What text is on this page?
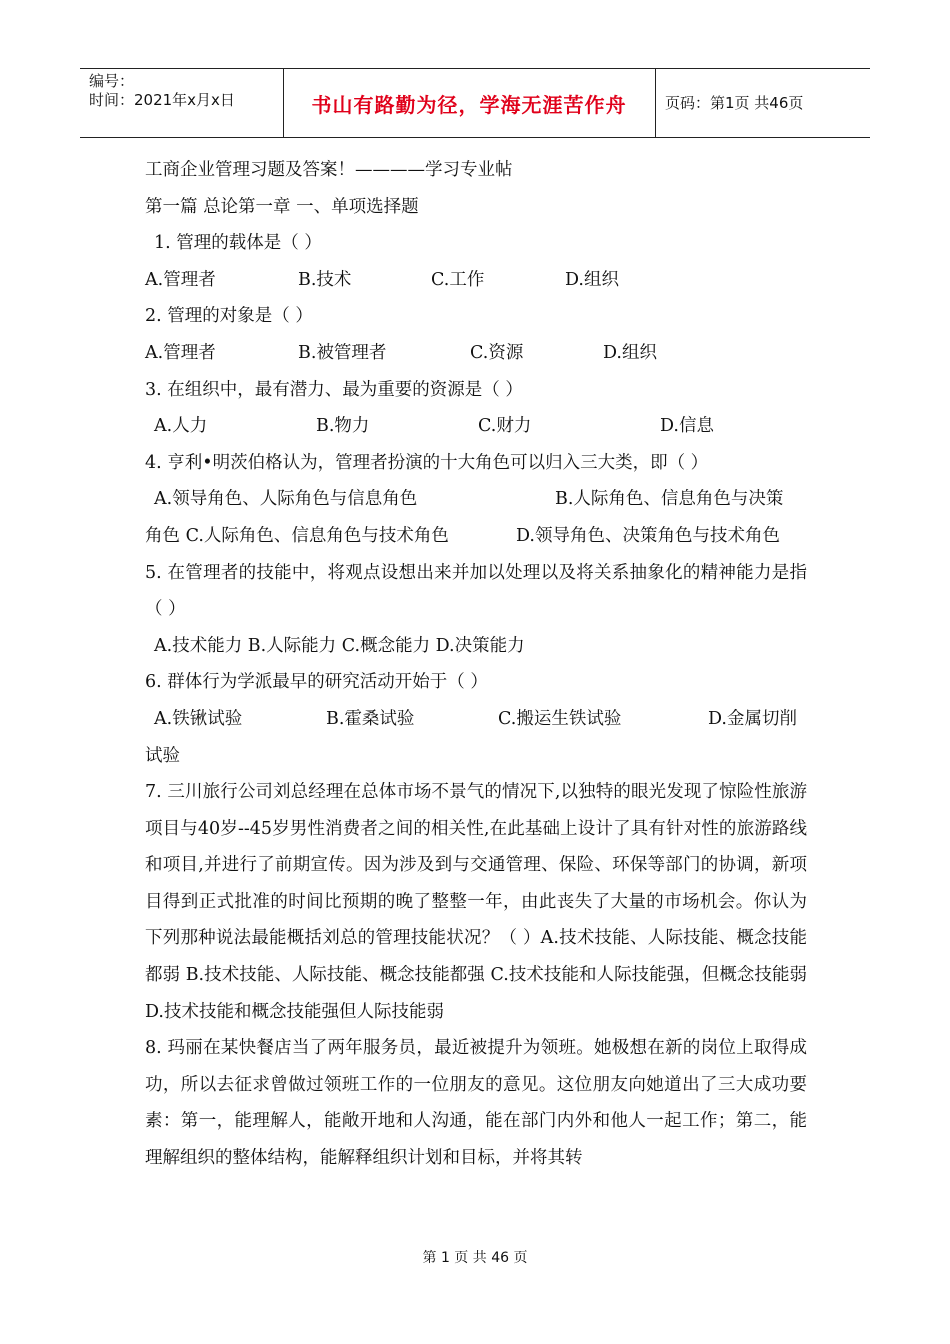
编号：
时间：2021年x月x日	书山有路勤为径，学海无涯苦作舟	页码：第1页 共46页

工商企业管理习题及答案！————学习专业帖

第一篇 总论第一章 一、单项选择题

1. 管理的载体是（ ）

A.管理者	B.技术	C.工作	D.组织

2. 管理的对象是（ ）

A.管理者	B.被管理者	C.资源	D.组织

3. 在组织中，最有潜力、最为重要的资源是（ ）

A.人力	B.物力	C.财力	D.信息

4. 亨利•明茨伯格认为，管理者扮演的十大角色可以归入三大类，即（ ）

A.领导角色、人际角色与信息角色	B.人际角色、信息角色与决策
角色 C.人际角色、信息角色与技术角色	D.领导角色、决策角色与技术角色

5. 在管理者的技能中，将观点设想出来并加以处理以及将关系抽象化的精神能力是指（ ）

A.技术能力 B.人际能力 C.概念能力 D.决策能力

6. 群体行为学派最早的研究活动开始于（ ）

A.铁锹试验	B.霍桑试验	C.搬运生铁试验	D.金属切削

试验

7. 三川旅行公司刘总经理在总体市场不景气的情况下,以独特的眼光发现了惊险性旅游项目与40岁--45岁男性消费者之间的相关性,在此基础上设计了具有针对性的旅游路线和项目,并进行了前期宣传。因为涉及到与交通管理、保险、环保等部门的协调，新项目得到正式批准的时间比预期的晚了整整一年，由此丧失了大量的市场机会。你认为下列那种说法最能概括刘总的管理技能状况？（ ）A.技术技能、人际技能、概念技能都弱 B.技术技能、人际技能、概念技能都强 C.技术技能和人际技能强，但概念技能弱 D.技术技能和概念技能强但人际技能弱

8. 玛丽在某快餐店当了两年服务员，最近被提升为领班。她极想在新的岗位上取得成功，所以去征求曾做过领班工作的一位朋友的意见。这位朋友向她道出了三大成功要素：第一，能理解人，能敞开地和人沟通，能在部门内外和他人一起工作；第二，能理解组织的整体结构，能解释组织计划和目标，并将其转

第 1 页 共 46 页
